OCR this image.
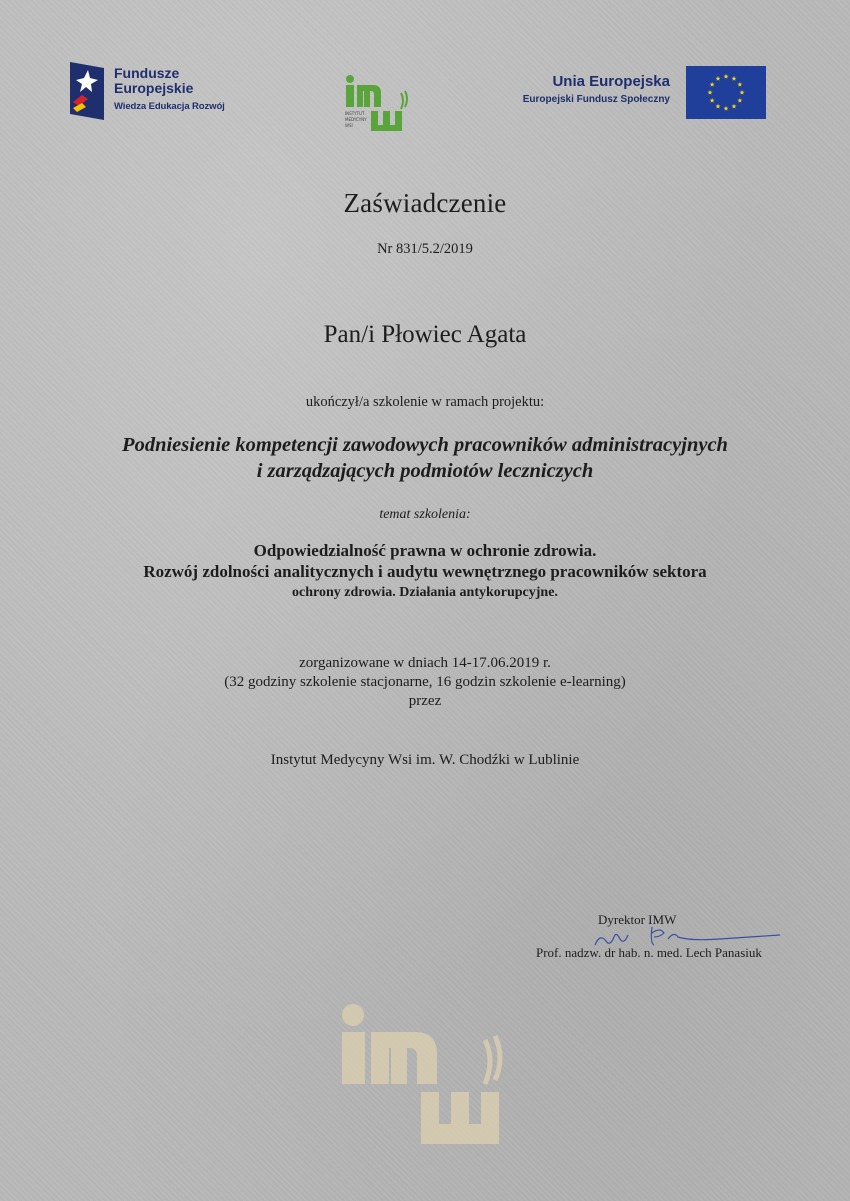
Fundusze
Europejskie
Wiedza Edukacja Rozwój
INSTYTUT
MEDYCYNY
WSI
Unia Europejska
Europejski Fundusz Społeczny
Zaświadczenie
Nr 831/5.2/2019
Pan/i Płowiec Agata
ukończył/a szkolenie w ramach projektu:
Podniesienie kompetencji zawodowych pracowników administracyjnych
i zarządzających podmiotów leczniczych
temat szkolenia:
Odpowiedzialność prawna w ochronie zdrowia.
Rozwój zdolności analitycznych i audytu wewnętrznego pracowników sektora
ochrony zdrowia. Działania antykorupcyjne.
zorganizowane w dniach 14-17.06.2019 r.
(32 godziny szkolenie stacjonarne, 16 godzin szkolenie e-learning)
przez
Instytut Medycyny Wsi im. W. Chodźki w Lublinie
Dyrektor IMW
Prof. nadzw. dr hab. n. med. Lech Panasiuk
